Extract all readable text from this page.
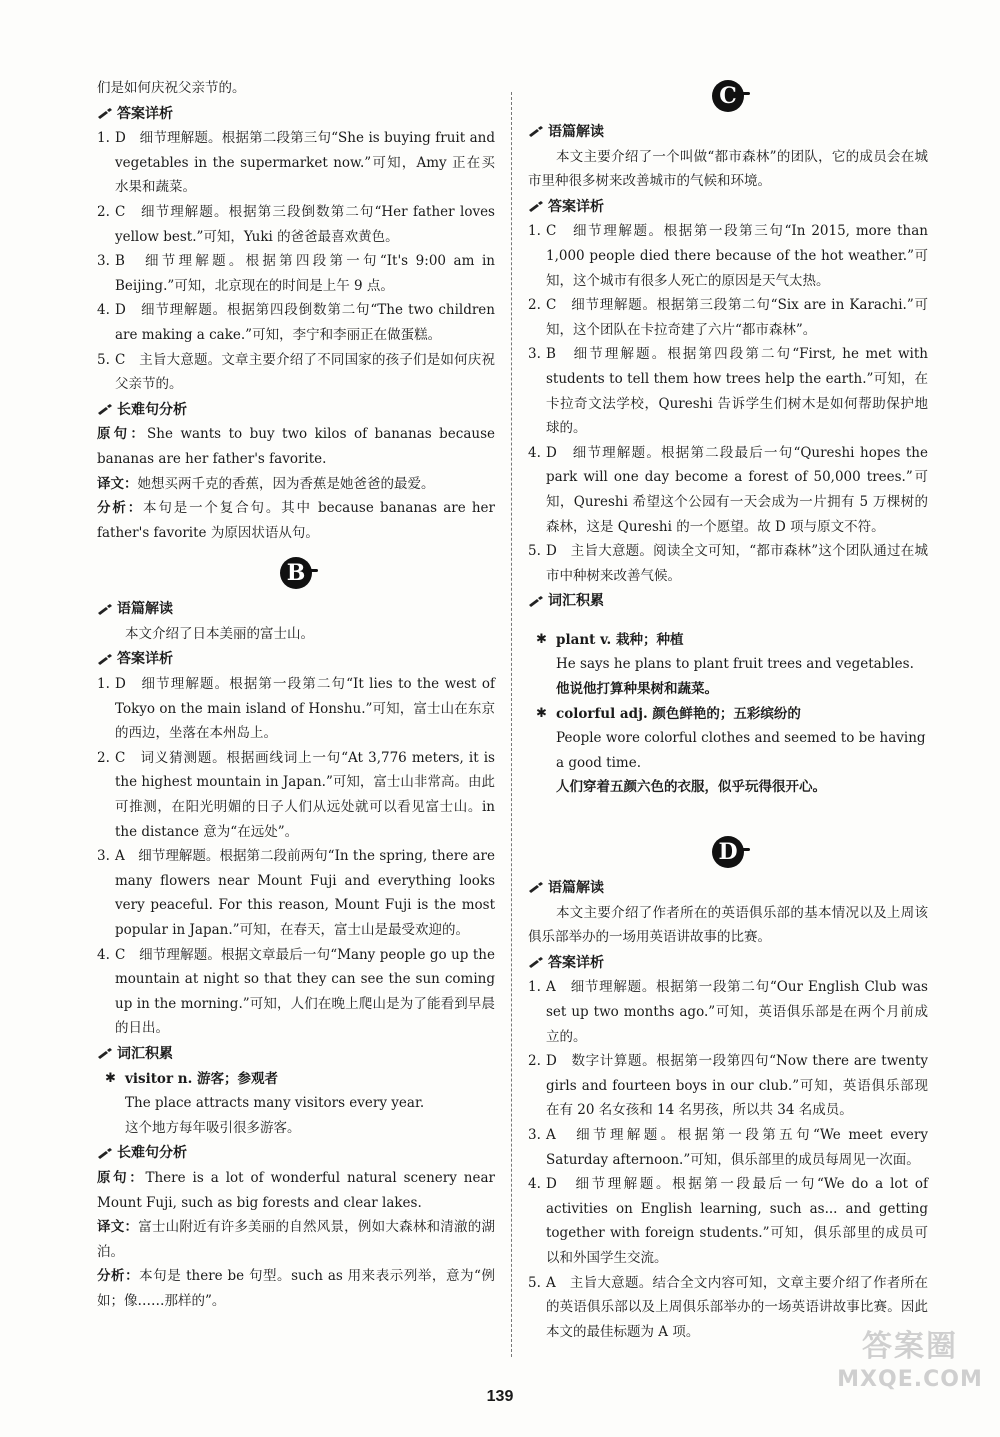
们是如何庆祝父亲节的。

答案详析
1. D　细节理解题。根据第二段第三句“She is buying fruit and vegetables in the supermarket now.”可知，Amy 正在买水果和蔬菜。
2. C　细节理解题。根据第三段倒数第二句“Her father loves yellow best.”可知，Yuki 的爸爸最喜欢黄色。
3. B　细节理解题。根据第四段第一句“It's 9:00 am in Beijing.”可知，北京现在的时间是上午 9 点。
4. D　细节理解题。根据第四段倒数第二句“The two children are making a cake.”可知，李宁和李丽正在做蛋糕。
5. C　主旨大意题。文章主要介绍了不同国家的孩子们是如何庆祝父亲节的。
长难句分析

原句：She wants to buy two kilos of bananas because bananas are her father's favorite.

译文：她想买两千克的香蕉，因为香蕉是她爸爸的最爱。

分析：本句是一个复合句。其中 because bananas are her father's favorite 为原因状语从句。

B
语篇解读

本文介绍了日本美丽的富士山。

答案详析
1. D　细节理解题。根据第一段第二句“It lies to the west of Tokyo on the main island of Honshu.”可知，富士山在东京的西边，坐落在本州岛上。
2. C　词义猜测题。根据画线词上一句“At 3,776 meters, it is the highest mountain in Japan.”可知，富士山非常高。由此可推测，在阳光明媚的日子人们从远处就可以看见富士山。in the distance 意为“在远处”。
3. A　细节理解题。根据第二段前两句“In the spring, there are many flowers near Mount Fuji and everything looks very peaceful. For this reason, Mount Fuji is the most popular in Japan.”可知，在春天，富士山是最受欢迎的。
4. C　细节理解题。根据文章最后一句“Many people go up the mountain at night so that they can see the sun coming up in the morning.”可知，人们在晚上爬山是为了能看到早晨的日出。
词汇积累
✱ visitor n. 游客；参观者
The place attracts many visitors every year.
这个地方每年吸引很多游客。
长难句分析

原句：There is a lot of wonderful natural scenery near Mount Fuji, such as big forests and clear lakes.

译文：富士山附近有许多美丽的自然风景，例如大森林和清澈的湖泊。

分析：本句是 there be 句型。such as 用来表示列举，意为“例如；像……那样的”。

C
语篇解读

本文主要介绍了一个叫做“都市森林”的团队，它的成员会在城市里种很多树来改善城市的气候和环境。

答案详析
1. C　细节理解题。根据第一段第三句“In 2015, more than 1,000 people died there because of the hot weather.”可知，这个城市有很多人死亡的原因是天气太热。
2. C　细节理解题。根据第三段第二句“Six are in Karachi.”可知，这个团队在卡拉奇建了六片“都市森林”。
3. B　细节理解题。根据第四段第二句“First, he met with students to tell them how trees help the earth.”可知，在卡拉奇文法学校，Qureshi 告诉学生们树木是如何帮助保护地球的。
4. D　细节理解题。根据第二段最后一句“Qureshi hopes the park will one day become a forest of 50,000 trees.”可知，Qureshi 希望这个公园有一天会成为一片拥有 5 万棵树的森林，这是 Qureshi 的一个愿望。故 D 项与原文不符。
5. D　主旨大意题。阅读全文可知，“都市森林”这个团队通过在城市中种树来改善气候。
词汇积累
✱ plant v. 栽种；种植
He says he plans to plant fruit trees and vegetables.
他说他打算种果树和蔬菜。
✱ colorful adj. 颜色鲜艳的；五彩缤纷的
People wore colorful clothes and seemed to be having a good time.
人们穿着五颜六色的衣服，似乎玩得很开心。
D
语篇解读

本文主要介绍了作者所在的英语俱乐部的基本情况以及上周该俱乐部举办的一场用英语讲故事的比赛。

答案详析
1. A　细节理解题。根据第一段第二句“Our English Club was set up two months ago.”可知，英语俱乐部是在两个月前成立的。
2. D　数字计算题。根据第一段第四句“Now there are twenty girls and fourteen boys in our club.”可知，英语俱乐部现在有 20 名女孩和 14 名男孩，所以共 34 名成员。
3. A　细节理解题。根据第一段第五句“We meet every Saturday afternoon.”可知，俱乐部里的成员每周见一次面。
4. D　细节理解题。根据第一段最后一句“We do a lot of activities on English learning, such as... and getting together with foreign students.”可知，俱乐部里的成员可以和外国学生交流。
5. A　主旨大意题。结合全文内容可知，文章主要介绍了作者所在的英语俱乐部以及上周俱乐部举办的一场英语讲故事比赛。因此本文的最佳标题为 A 项。
139
答案圈
MXQE.COM
